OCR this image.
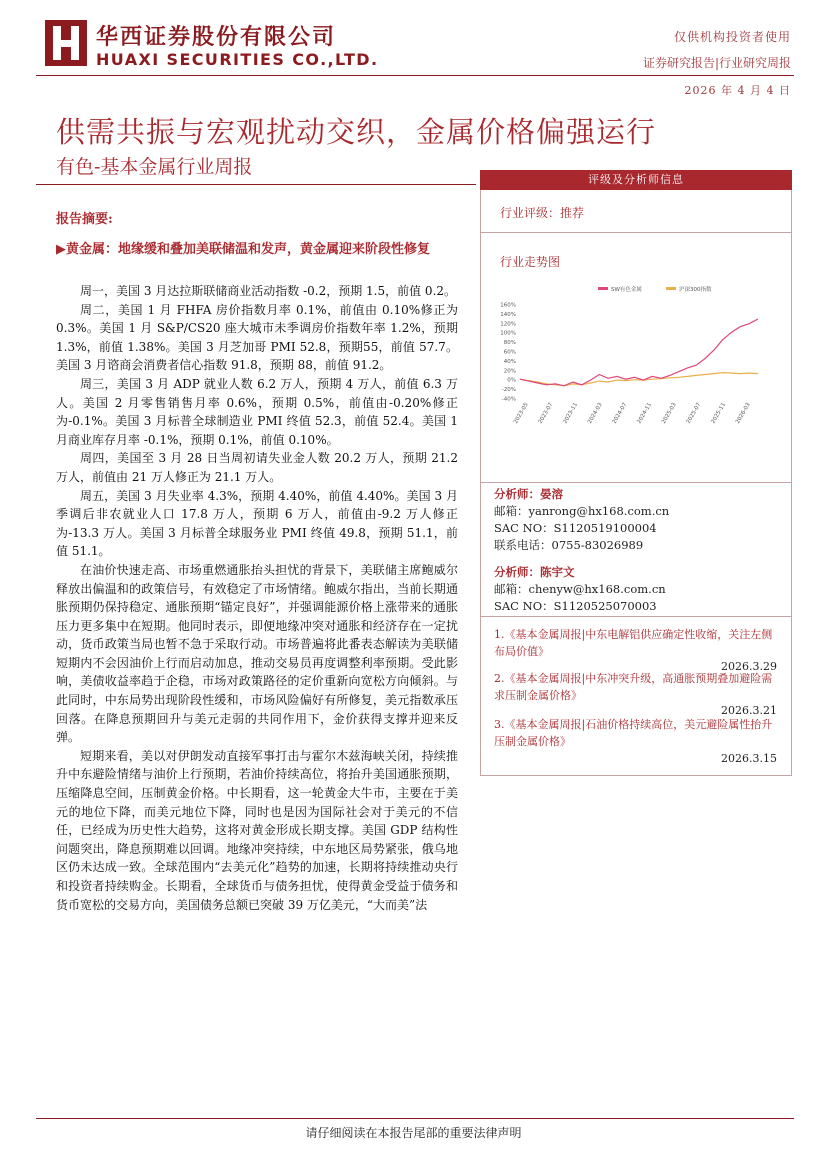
华西证券股份有限公司
HUAXI SECURITIES CO.,LTD.
仅供机构投资者使用
证券研究报告|行业研究周报
2026 年 4 月 4 日
供需共振与宏观扰动交织，金属价格偏强运行
有色-基本金属行业周报
报告摘要:
▶黄金属：地缘缓和叠加美联储温和发声，黄金属迎来阶段性修复

周一，美国 3 月达拉斯联储商业活动指数 -0.2，预期 1.5，前值 0.2。

周二，美国 1 月 FHFA 房价指数月率 0.1%，前值由 0.10%修正为 0.3%。美国 1 月 S&P/CS20 座大城市未季调房价指数年率 1.2%，预期 1.3%，前值 1.38%。美国 3 月芝加哥 PMI 52.8，预期55，前值 57.7。美国 3 月谘商会消费者信心指数 91.8，预期 88，前值 91.2。

周三，美国 3 月 ADP 就业人数 6.2 万人，预期 4 万人，前值 6.3 万人。美国 2 月零售销售月率 0.6%，预期 0.5%，前值由-0.20%修正为-0.1%。美国 3 月标普全球制造业 PMI 终值 52.3，前值 52.4。美国 1 月商业库存月率 -0.1%，预期 0.1%，前值 0.10%。

周四，美国至 3 月 28 日当周初请失业金人数 20.2 万人，预期 21.2 万人，前值由 21 万人修正为 21.1 万人。

周五，美国 3 月失业率 4.3%，预期 4.40%，前值 4.40%。美国 3 月季调后非农就业人口 17.8 万人，预期 6 万人，前值由-9.2 万人修正为-13.3 万人。美国 3 月标普全球服务业 PMI 终值 49.8，预期 51.1，前值 51.1。

在油价快速走高、市场重燃通胀抬头担忧的背景下，美联储主席鲍威尔释放出偏温和的政策信号，有效稳定了市场情绪。鲍威尔指出，当前长期通胀预期仍保持稳定、通胀预期“锚定良好”，并强调能源价格上涨带来的通胀压力更多集中在短期。他同时表示，即便地缘冲突对通胀和经济存在一定扰动，货币政策当局也暂不急于采取行动。市场普遍将此番表态解读为美联储短期内不会因油价上行而启动加息，推动交易员再度调整利率预期。受此影响，美债收益率趋于企稳，市场对政策路径的定价重新向宽松方向倾斜。与此同时，中东局势出现阶段性缓和，市场风险偏好有所修复，美元指数承压回落。在降息预期回升与美元走弱的共同作用下，金价获得支撑并迎来反弹。

短期来看，美以对伊朗发动直接军事打击与霍尔木兹海峡关闭，持续推升中东避险情绪与油价上行预期，若油价持续高位，将抬升美国通胀预期，压缩降息空间，压制黄金价格。中长期看，这一轮黄金大牛市，主要在于美元的地位下降，而美元地位下降，同时也是因为国际社会对于美元的不信任，已经成为历史性大趋势，这将对黄金形成长期支撑。美国 GDP 结构性问题突出，降息预期难以回调。地缘冲突持续，中东地区局势紧张，俄乌地区仍未达成一致。全球范围内“去美元化”趋势的加速，长期将持续推动央行和投资者持续购金。长期看，全球货币与债务担忧，使得黄金受益于债务和货币宽松的交易方向，美国债务总额已突破 39 万亿美元，“大而美”法

评级及分析师信息
行业评级：推荐
行业走势图
SW有色金属	沪深300指数
160%
140%
120%
100%
80%
60%
40%
20%
0%
-20%
-40%
2023-05 2023-07 2023-11 2024-03 2024-07 2024-11 2025-03 2025-07 2025-11 2026-03
分析师：晏溶
邮箱：yanrong@hx168.com.cn
SAC NO：S1120519100004
联系电话：0755-83026989
分析师：陈宇文
邮箱：chenyw@hx168.com.cn
SAC NO：S1120525070003
1.《基本金属周报|中东电解铝供应确定性收缩，关注左侧布局价值》
2026.3.29
2.《基本金属周报|中东冲突升级，高通胀预期叠加避险需求压制金属价格》
2026.3.21
3.《基本金属周报|石油价格持续高位，美元避险属性抬升压制金属价格》
2026.3.15
请仔细阅读在本报告尾部的重要法律声明
